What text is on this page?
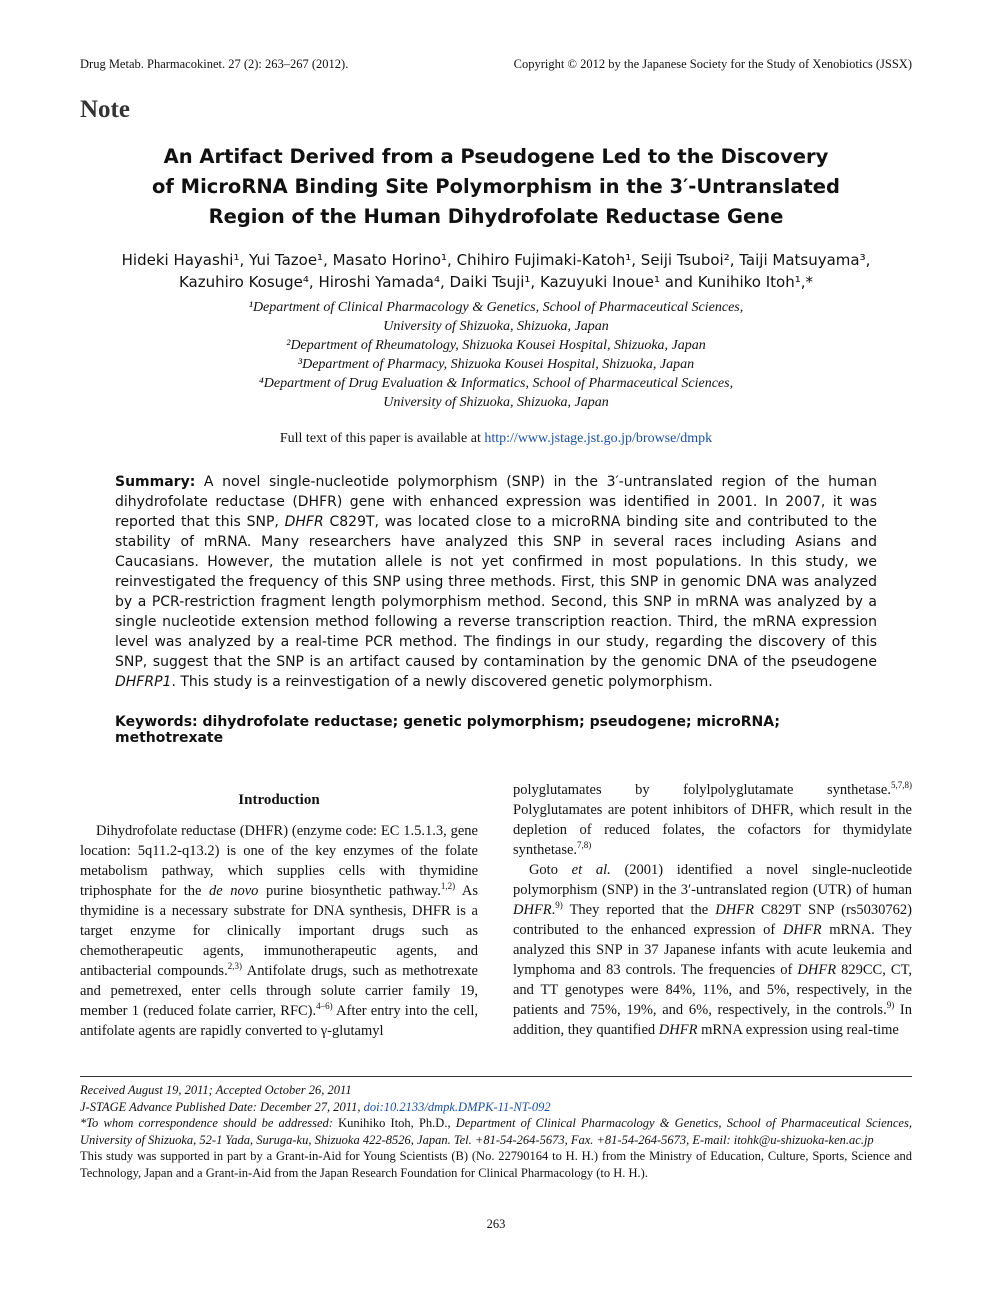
Drug Metab. Pharmacokinet. 27 (2): 263–267 (2012).	Copyright © 2012 by the Japanese Society for the Study of Xenobiotics (JSSX)
Note
An Artifact Derived from a Pseudogene Led to the Discovery
of MicroRNA Binding Site Polymorphism in the 3′-Untranslated
Region of the Human Dihydrofolate Reductase Gene
Hideki Hayashi¹, Yui Tazoe¹, Masato Horino¹, Chihiro Fujimaki-Katoh¹, Seiji Tsuboi², Taiji Matsuyama³,
Kazuhiro Kosuge⁴, Hiroshi Yamada⁴, Daiki Tsuji¹, Kazuyuki Inoue¹ and Kunihiko Itoh¹,*
¹Department of Clinical Pharmacology & Genetics, School of Pharmaceutical Sciences,
University of Shizuoka, Shizuoka, Japan
²Department of Rheumatology, Shizuoka Kousei Hospital, Shizuoka, Japan
³Department of Pharmacy, Shizuoka Kousei Hospital, Shizuoka, Japan
⁴Department of Drug Evaluation & Informatics, School of Pharmaceutical Sciences,
University of Shizuoka, Shizuoka, Japan
Full text of this paper is available at http://www.jstage.jst.go.jp/browse/dmpk
Summary: A novel single-nucleotide polymorphism (SNP) in the 3′-untranslated region of the human dihydrofolate reductase (DHFR) gene with enhanced expression was identified in 2001. In 2007, it was reported that this SNP, DHFR C829T, was located close to a microRNA binding site and contributed to the stability of mRNA. Many researchers have analyzed this SNP in several races including Asians and Caucasians. However, the mutation allele is not yet confirmed in most populations. In this study, we reinvestigated the frequency of this SNP using three methods. First, this SNP in genomic DNA was analyzed by a PCR-restriction fragment length polymorphism method. Second, this SNP in mRNA was analyzed by a single nucleotide extension method following a reverse transcription reaction. Third, the mRNA expression level was analyzed by a real-time PCR method. The findings in our study, regarding the discovery of this SNP, suggest that the SNP is an artifact caused by contamination by the genomic DNA of the pseudogene DHFRP1. This study is a reinvestigation of a newly discovered genetic polymorphism.
Keywords: dihydrofolate reductase; genetic polymorphism; pseudogene; microRNA; methotrexate
Introduction

Dihydrofolate reductase (DHFR) (enzyme code: EC 1.5.1.3, gene location: 5q11.2-q13.2) is one of the key enzymes of the folate metabolism pathway, which supplies cells with thymidine triphosphate for the de novo purine biosynthetic pathway.$^{1,2)}$ As thymidine is a necessary substrate for DNA synthesis, DHFR is a target enzyme for clinically important drugs such as chemotherapeutic agents, immunotherapeutic agents, and antibacterial compounds.$^{2,3)}$ Antifolate drugs, such as methotrexate and pemetrexed, enter cells through solute carrier family 19, member 1 (reduced folate carrier, RFC).$^{4-6)}$ After entry into the cell, antifolate agents are rapidly converted to γ-glutamyl

polyglutamates by folylpolyglutamate synthetase.$^{5,7,8)}$ Polyglutamates are potent inhibitors of DHFR, which result in the depletion of reduced folates, the cofactors for thymidylate synthetase.$^{7,8)}$

Goto et al. (2001) identified a novel single-nucleotide polymorphism (SNP) in the 3′-untranslated region (UTR) of human DHFR.$^{9)}$ They reported that the DHFR C829T SNP (rs5030762) contributed to the enhanced expression of DHFR mRNA. They analyzed this SNP in 37 Japanese infants with acute leukemia and lymphoma and 83 controls. The frequencies of DHFR 829CC, CT, and TT genotypes were 84%, 11%, and 5%, respectively, in the patients and 75%, 19%, and 6%, respectively, in the controls.$^{9)}$ In addition, they quantified DHFR mRNA expression using real-time

Received August 19, 2011; Accepted October 26, 2011
J-STAGE Advance Published Date: December 27, 2011, doi:10.2133/dmpk.DMPK-11-NT-092
*To whom correspondence should be addressed: Kunihiko Itoh, Ph.D., Department of Clinical Pharmacology & Genetics, School of Pharmaceutical Sciences, University of Shizuoka, 52-1 Yada, Suruga-ku, Shizuoka 422-8526, Japan. Tel. +81-54-264-5673, Fax. +81-54-264-5673, E-mail: itohk@u-shizuoka-ken.ac.jp
This study was supported in part by a Grant-in-Aid for Young Scientists (B) (No. 22790164 to H. H.) from the Ministry of Education, Culture, Sports, Science and Technology, Japan and a Grant-in-Aid from the Japan Research Foundation for Clinical Pharmacology (to H. H.).
263
